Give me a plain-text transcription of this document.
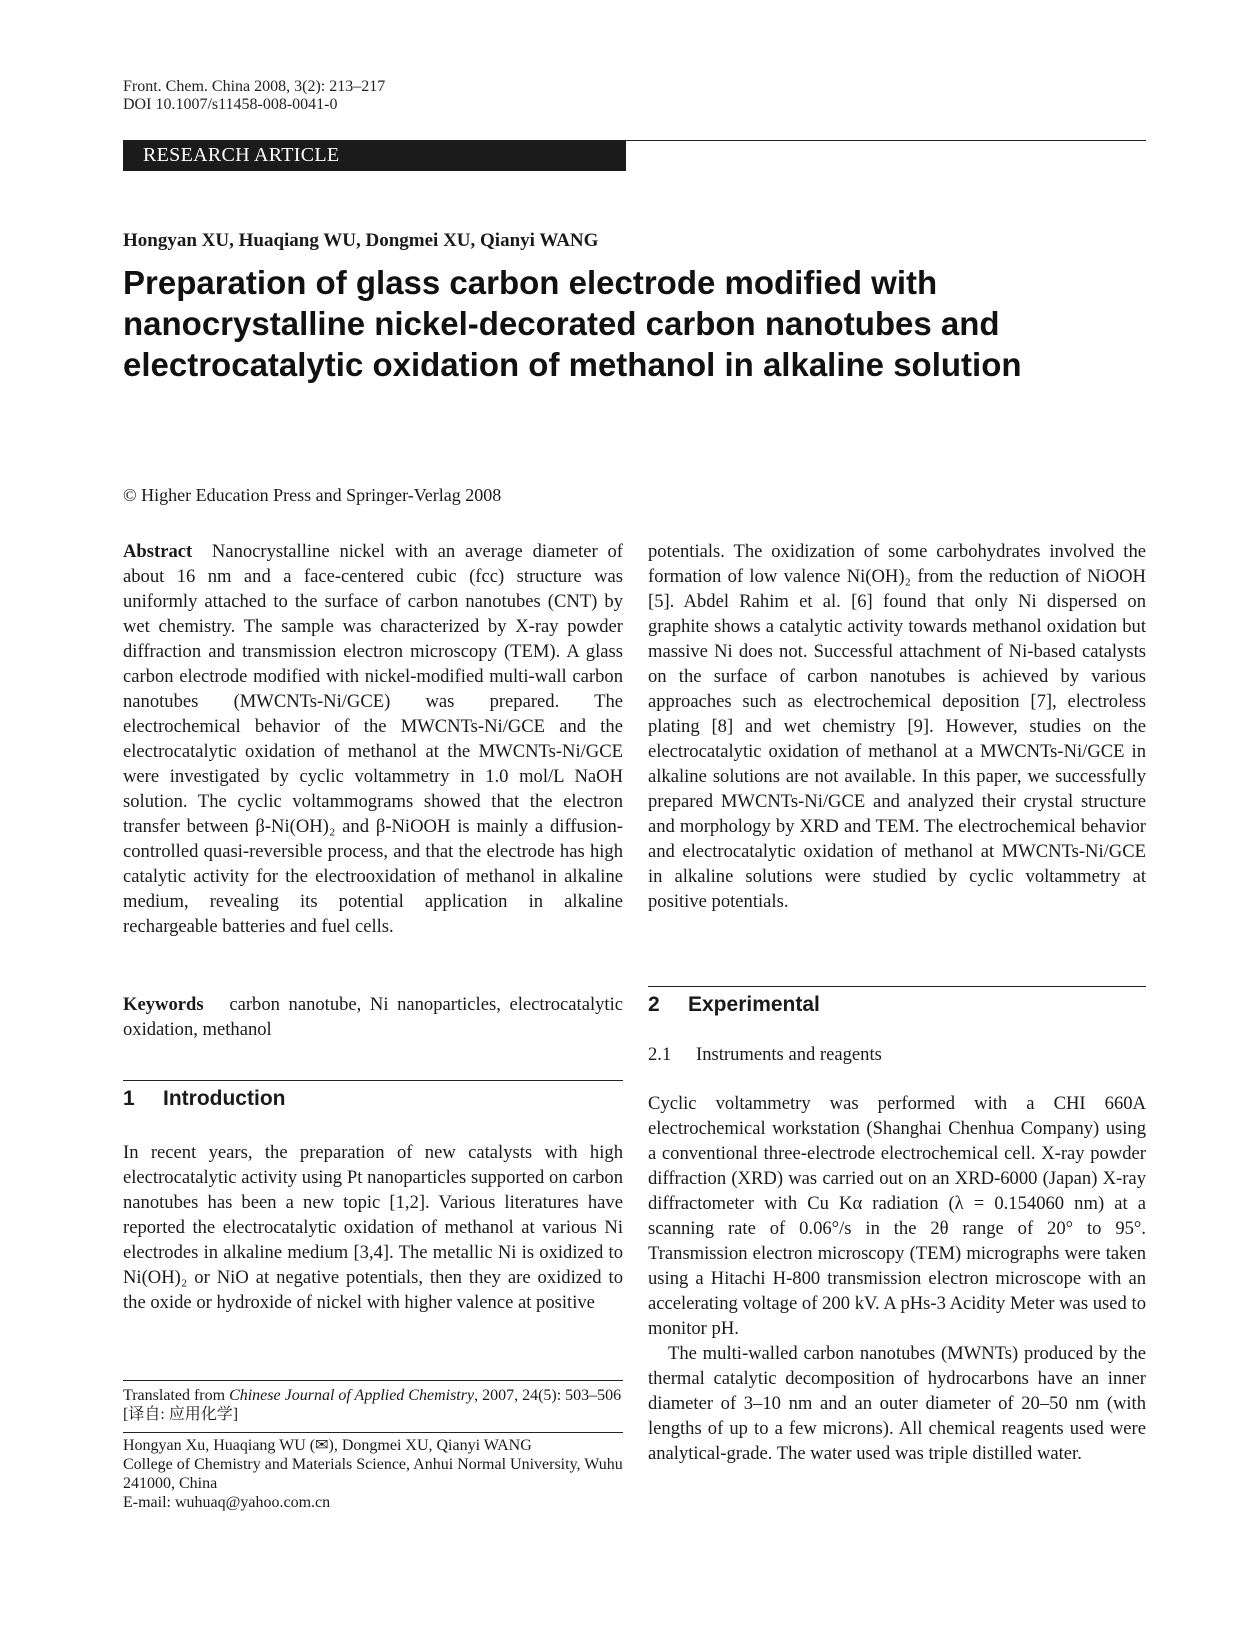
Front. Chem. China 2008, 3(2): 213–217
DOI 10.1007/s11458-008-0041-0
RESEARCH ARTICLE
Hongyan XU, Huaqiang WU, Dongmei XU, Qianyi WANG
Preparation of glass carbon electrode modified with
nanocrystalline nickel-decorated carbon nanotubes and
electrocatalytic oxidation of methanol in alkaline solution
© Higher Education Press and Springer-Verlag 2008

Abstract Nanocrystalline nickel with an average diameter of about 16 nm and a face-centered cubic (fcc) structure was uniformly attached to the surface of carbon nanotubes (CNT) by wet chemistry. The sample was characterized by X-ray powder diffraction and transmission electron microscopy (TEM). A glass carbon electrode modified with nickel-modified multi-wall carbon nanotubes (MWCNTs-Ni/GCE) was prepared. The electrochemical behavior of the MWCNTs-Ni/GCE and the electrocatalytic oxidation of methanol at the MWCNTs-Ni/GCE were investigated by cyclic voltammetry in 1.0 mol/L NaOH solution. The cyclic voltammograms showed that the electron transfer between β-Ni(OH)₂ and β-NiOOH is mainly a diffusion-controlled quasi-reversible process, and that the electrode has high catalytic activity for the electrooxidation of methanol in alkaline medium, revealing its potential application in alkaline rechargeable batteries and fuel cells.

Keywords carbon nanotube, Ni nanoparticles, electrocatalytic oxidation, methanol

1 Introduction

In recent years, the preparation of new catalysts with high electrocatalytic activity using Pt nanoparticles supported on carbon nanotubes has been a new topic [1,2]. Various literatures have reported the electrocatalytic oxidation of methanol at various Ni electrodes in alkaline medium [3,4]. The metallic Ni is oxidized to Ni(OH)₂ or NiO at negative potentials, then they are oxidized to the oxide or hydroxide of nickel with higher valence at positive

Translated from Chinese Journal of Applied Chemistry, 2007, 24(5): 503–506 [译自: 应用化学]
Hongyan Xu, Huaqiang WU (✉), Dongmei XU, Qianyi WANG
College of Chemistry and Materials Science, Anhui Normal University, Wuhu 241000, China
E-mail: wuhuaq@yahoo.com.cn

potentials. The oxidization of some carbohydrates involved the formation of low valence Ni(OH)₂ from the reduction of NiOOH [5]. Abdel Rahim et al. [6] found that only Ni dispersed on graphite shows a catalytic activity towards methanol oxidation but massive Ni does not. Successful attachment of Ni-based catalysts on the surface of carbon nanotubes is achieved by various approaches such as electrochemical deposition [7], electroless plating [8] and wet chemistry [9]. However, studies on the electrocatalytic oxidation of methanol at a MWCNTs-Ni/GCE in alkaline solutions are not available. In this paper, we successfully prepared MWCNTs-Ni/GCE and analyzed their crystal structure and morphology by XRD and TEM. The electrochemical behavior and electrocatalytic oxidation of methanol at MWCNTs-Ni/GCE in alkaline solutions were studied by cyclic voltammetry at positive potentials.

2 Experimental
2.1 Instruments and reagents

Cyclic voltammetry was performed with a CHI 660A electrochemical workstation (Shanghai Chenhua Company) using a conventional three-electrode electrochemical cell. X-ray powder diffraction (XRD) was carried out on an XRD-6000 (Japan) X-ray diffractometer with Cu Kα radiation (λ = 0.154060 nm) at a scanning rate of 0.06°/s in the 2θ range of 20° to 95°. Transmission electron microscopy (TEM) micrographs were taken using a Hitachi H-800 transmission electron microscope with an accelerating voltage of 200 kV. A pHs-3 Acidity Meter was used to monitor pH.

The multi-walled carbon nanotubes (MWNTs) produced by the thermal catalytic decomposition of hydrocarbons have an inner diameter of 3–10 nm and an outer diameter of 20–50 nm (with lengths of up to a few microns). All chemical reagents used were analytical-grade. The water used was triple distilled water.
